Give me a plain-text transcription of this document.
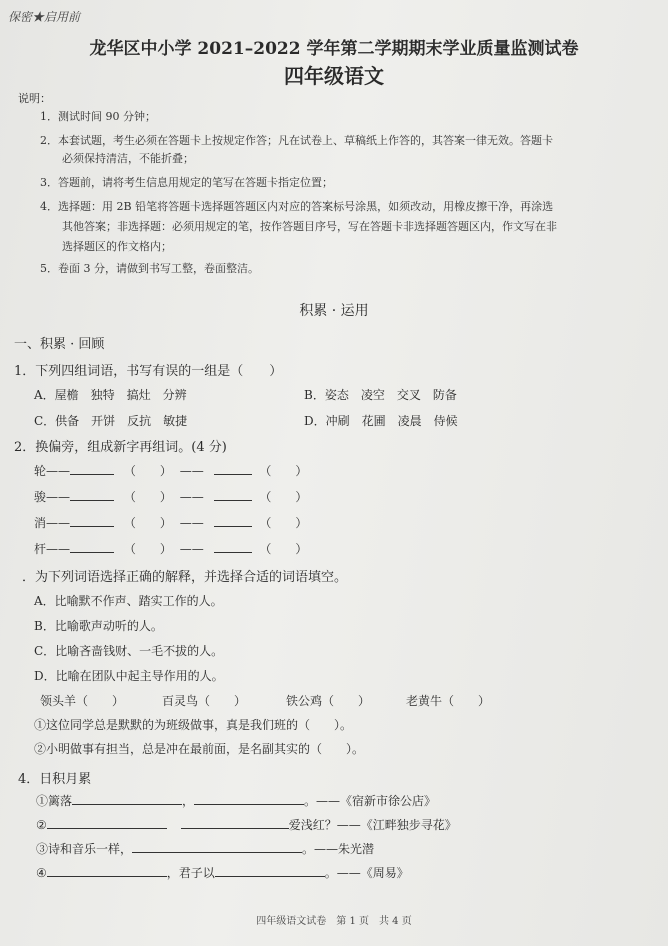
保密★启用前
龙华区中小学 2021–2022 学年第二学期期末学业质量监测试卷
四年级语文
说明：
1．测试时间 90 分钟；
2．本套试题，考生必须在答题卡上按规定作答；凡在试卷上、草稿纸上作答的，其答案一律无效。答题卡
必须保持清洁，不能折叠；
3．答题前，请将考生信息用规定的笔写在答题卡指定位置；
4．选择题：用 2B 铅笔将答题卡选择题答题区内对应的答案标号涂黑，如须改动，用橡皮擦干净，再涂选
其他答案；非选择题：必须用规定的笔，按作答题目序号，写在答题卡非选择题答题区内，作文写在非
选择题区的作文格内；
5．卷面 3 分，请做到书写工整，卷面整洁。
积累 · 运用
一、积累 · 回顾
1．下列四组词语，书写有误的一组是（　　）
A．屋檐　独特　搞灶　分辨	B．姿态　凌空　交叉　防备
C．供备　开饼　反抗　敏捷	D．冲刷　花圃　凌晨　侍候
2．换偏旁，组成新字再组词。(4 分)
轮——	（　　） ——	（　　）
骏——	（　　） ——	（　　）
消——	（　　） ——	（　　）
杆——	（　　） ——	（　　）
．为下列词语选择正确的解释，并选择合适的词语填空。
A．比喻默不作声、踏实工作的人。
B．比喻歌声动听的人。
C．比喻吝啬钱财、一毛不拔的人。
D．比喻在团队中起主导作用的人。
领头羊（　　）	百灵鸟（　　）	铁公鸡（　　）	老黄牛（　　）
①这位同学总是默默的为班级做事，真是我们班的（　　）。
②小明做事有担当，总是冲在最前面，是名副其实的（　　）。
4．日积月累
①篱落	，	。——《宿新市徐公店》
②	爱浅红？——《江畔独步寻花》
③诗和音乐一样，	。——朱光潜
④	，君子以	。——《周易》
四年级语文试卷　第 1 页　共 4 页
